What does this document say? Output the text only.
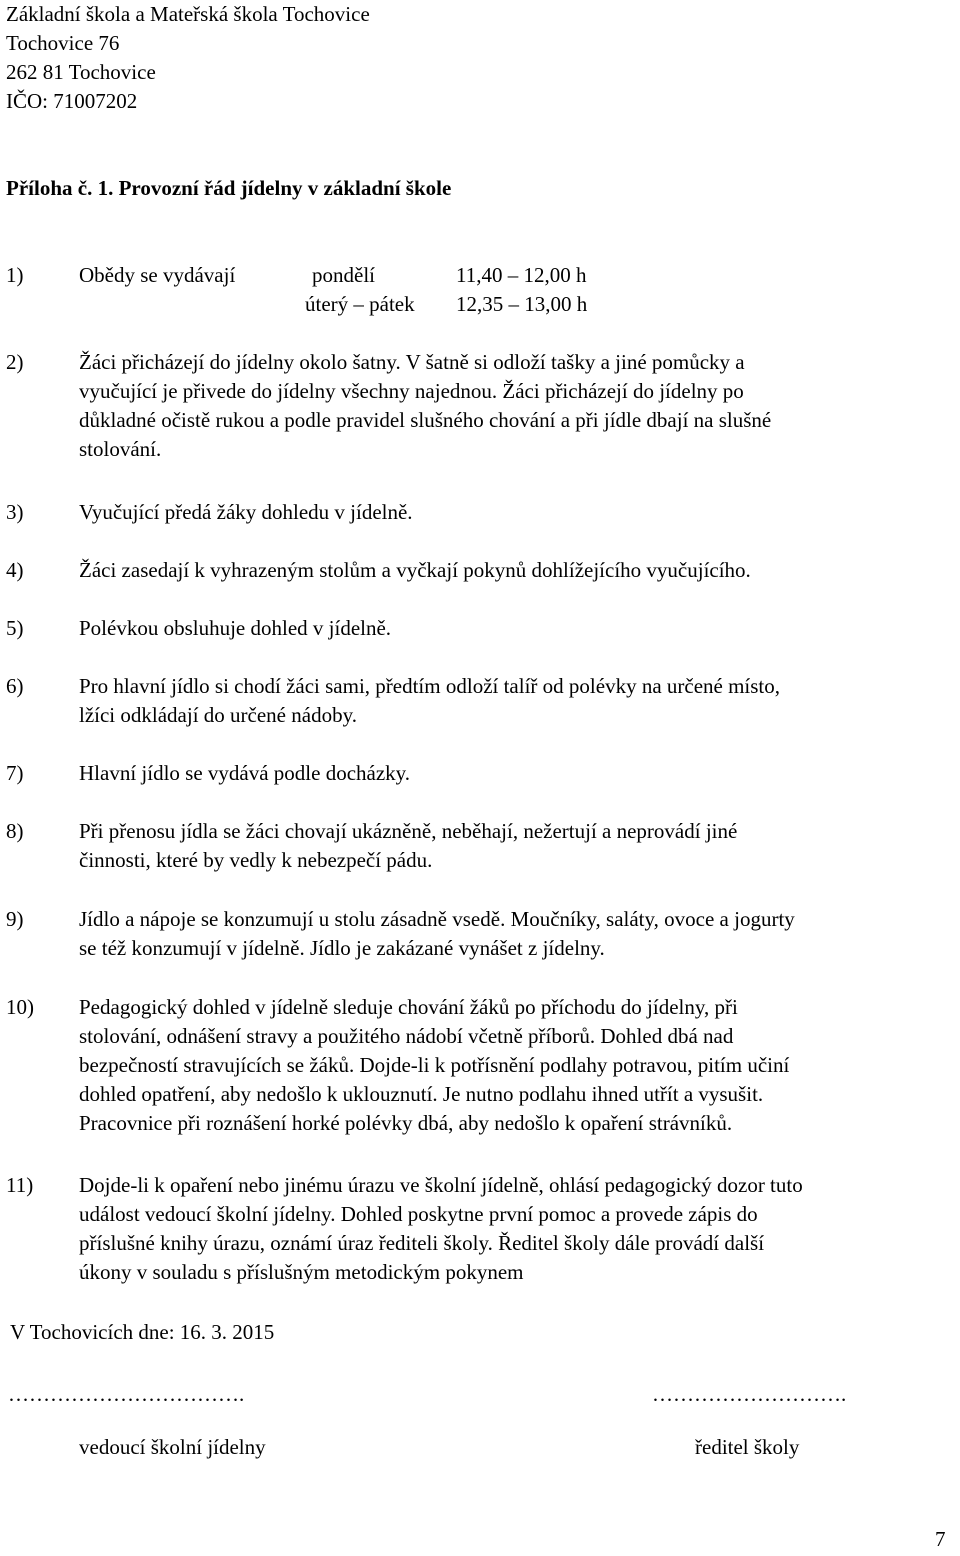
Základní škola a Mateřská škola Tochovice
Tochovice 76
262 81 Tochovice
IČO: 71007202
Příloha č. 1. Provozní řád jídelny v základní škole
1)	Obědy se vydávají	pondělí	11,40 – 12,00 h
úterý – pátek 12,35 – 13,00 h
2)	Žáci přicházejí do jídelny okolo šatny. V šatně si odloží tašky a jiné pomůcky a
vyučující je přivede do jídelny všechny najednou. Žáci přicházejí do jídelny po
důkladné očistě rukou a podle pravidel slušného chování a při jídle dbají na slušné
stolování.
3)	Vyučující předá žáky dohledu v jídelně.
4)	Žáci zasedají k vyhrazeným stolům a vyčkají pokynů dohlížejícího vyučujícího.
5)	Polévkou obsluhuje dohled v jídelně.
6)	Pro hlavní jídlo si chodí žáci sami, předtím odloží talíř od polévky na určené místo,
lžíci odkládají do určené nádoby.
7)	Hlavní jídlo se vydává podle docházky.
8)	Při přenosu jídla se žáci chovají ukázněně, neběhají, nežertují a neprovádí jiné
činnosti, které by vedly k nebezpečí pádu.
9)	Jídlo a nápoje se konzumují u stolu zásadně vsedě. Moučníky, saláty, ovoce a jogurty
se též konzumují v jídelně. Jídlo je zakázané vynášet z jídelny.
10) Pedagogický dohled v jídelně sleduje chování žáků po příchodu do jídelny, při
stolování, odnášení stravy a použitého nádobí včetně příborů. Dohled dbá nad
bezpečností stravujících se žáků. Dojde-li k potřísnění podlahy potravou, pitím učiní
dohled opatření, aby nedošlo k uklouznutí. Je nutno podlahu ihned utřít a vysušit.
Pracovnice při roznášení horké polévky dbá, aby nedošlo k opaření strávníků.
11) Dojde-li k opaření nebo jinému úrazu ve školní jídelně, ohlásí pedagogický dozor tuto
událost vedoucí školní jídelny. Dohled poskytne první pomoc a provede zápis do
příslušné knihy úrazu, oznámí úraz řediteli školy. Ředitel školy dále provádí další
úkony v souladu s příslušným metodickým pokynem
V Tochovicích dne: 16. 3. 2015
…………………………….	……………………….
vedoucí školní jídelny	ředitel školy
7
